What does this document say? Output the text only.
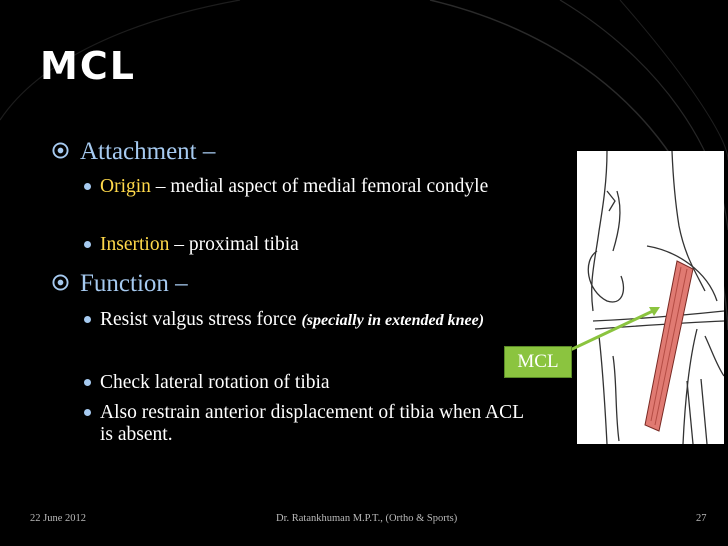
MCL
Attachment –
Origin – medial aspect of medial femoral condyle
Insertion – proximal tibia
Function –
Resist valgus stress force (specially in extended knee)
Check lateral rotation of tibia
Also restrain anterior displacement of tibia when ACL is absent.
MCL
22 June 2012	Dr. Ratankhuman M.P.T., (Ortho & Sports)	27
